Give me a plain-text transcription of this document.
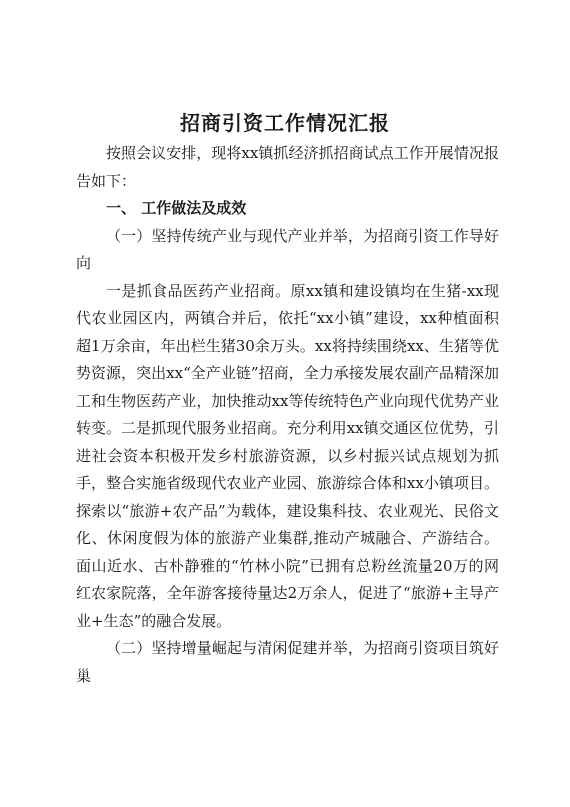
招商引资工作情况汇报

按照会议安排，现将xx镇抓经济抓招商试点工作开展情况报告如下：

一、 工作做法及成效

（一）坚持传统产业与现代产业并举，为招商引资工作导好向

一是抓食品医药产业招商。原xx镇和建设镇均在生猪-xx现代农业园区内，两镇合并后，依托“xx小镇”建设，xx种植面积超1万余亩，年出栏生猪30余万头。xx将持续围绕xx、生猪等优势资源，突出xx“全产业链”招商，全力承接发展农副产品精深加工和生物医药产业，加快推动xx等传统特色产业向现代优势产业转变。二是抓现代服务业招商。充分利用xx镇交通区位优势，引进社会资本积极开发乡村旅游资源，以乡村振兴试点规划为抓手，整合实施省级现代农业产业园、旅游综合体和xx小镇项目。探索以“旅游+农产品”为载体，建设集科技、农业观光、民俗文化、休闲度假为体的旅游产业集群,推动产城融合、产游结合。面山近水、古朴静雅的“竹林小院”已拥有总粉丝流量20万的网红农家院落，全年游客接待量达2万余人，促进了“旅游+主导产业+生态”的融合发展。

（二）坚持增量崛起与清闲促建并举，为招商引资项目筑好巢
